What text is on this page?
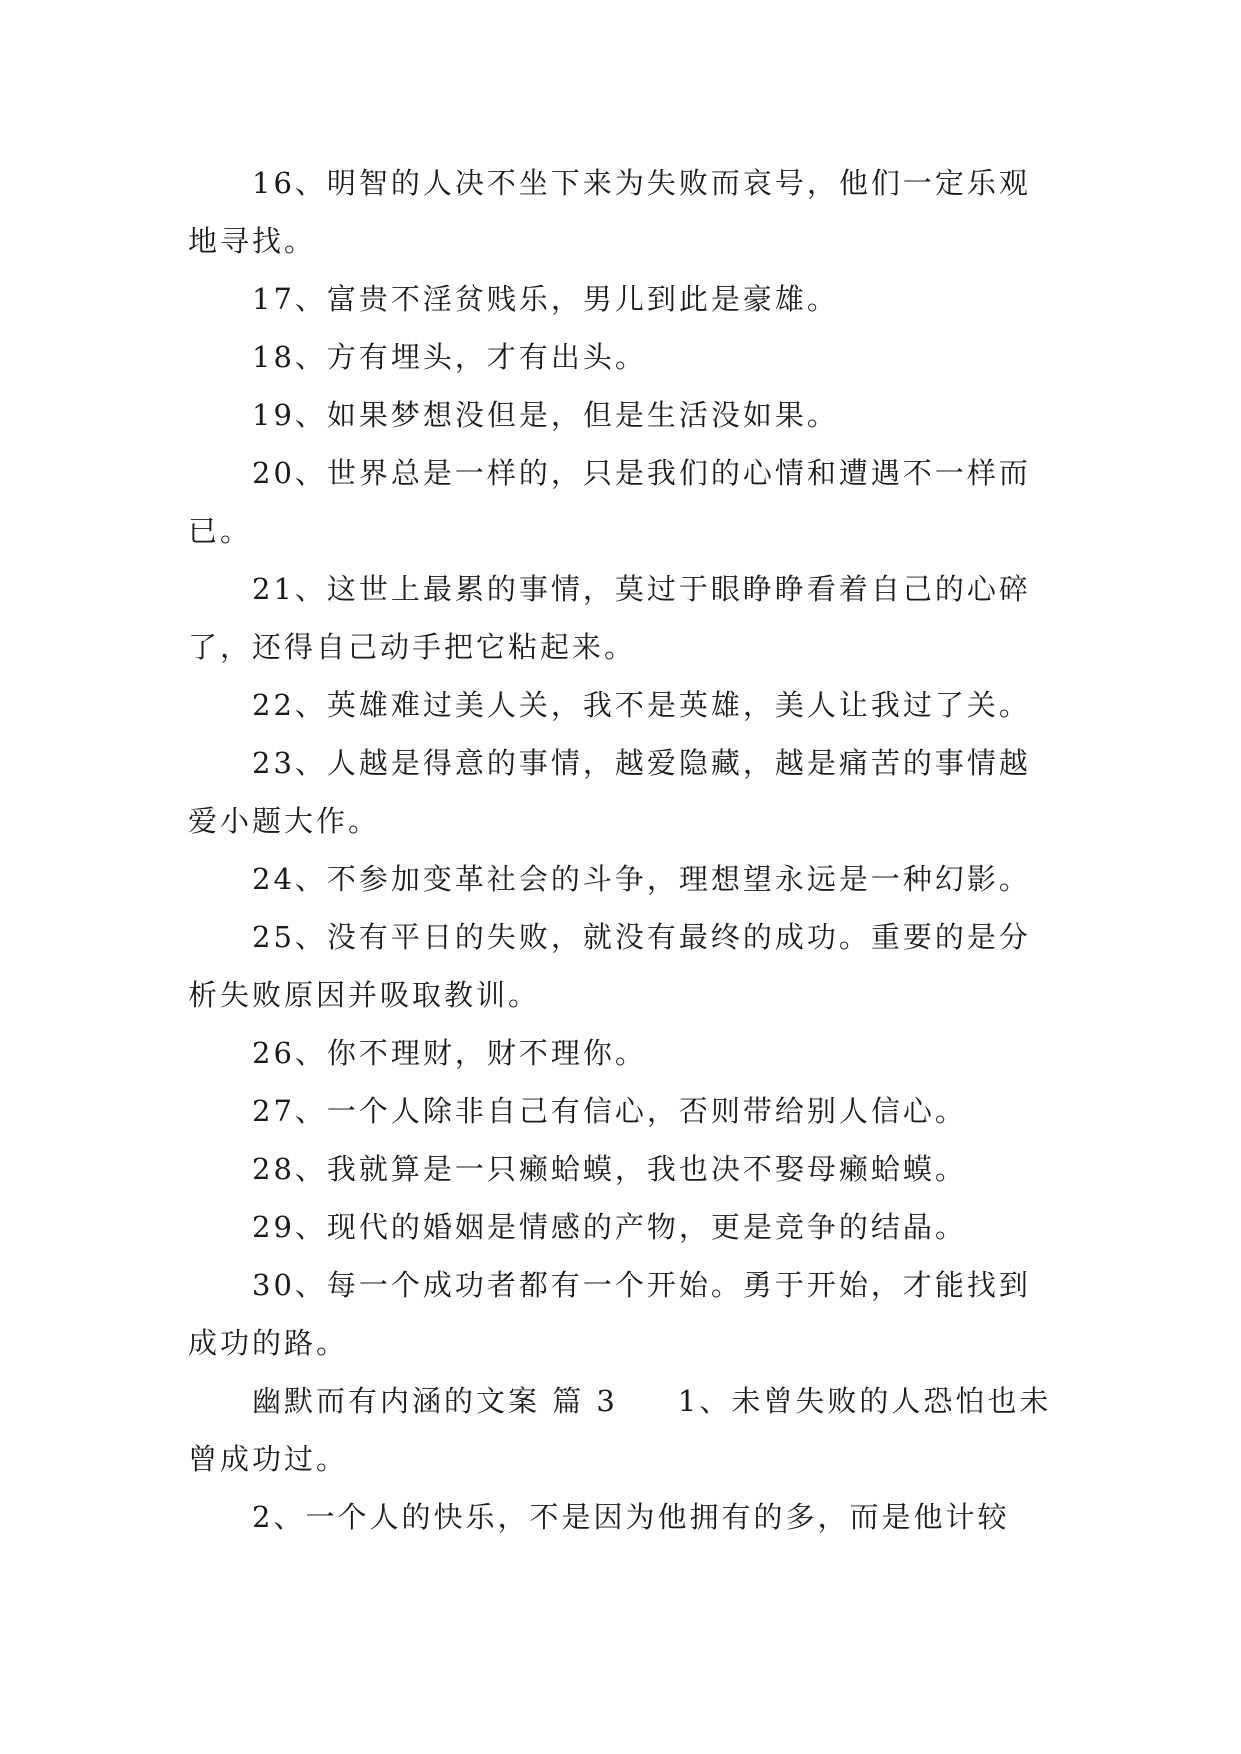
16、明智的人决不坐下来为失败而哀号，他们一定乐观地寻找。

17、富贵不淫贫贱乐，男儿到此是豪雄。

18、方有埋头，才有出头。

19、如果梦想没但是，但是生活没如果。

20、世界总是一样的，只是我们的心情和遭遇不一样而已。

21、这世上最累的事情，莫过于眼睁睁看着自己的心碎了，还得自己动手把它粘起来。

22、英雄难过美人关，我不是英雄，美人让我过了关。

23、人越是得意的事情，越爱隐藏，越是痛苦的事情越爱小题大作。

24、不参加变革社会的斗争，理想望永远是一种幻影。

25、没有平日的失败，就没有最终的成功。重要的是分析失败原因并吸取教训。

26、你不理财，财不理你。

27、一个人除非自己有信心，否则带给别人信心。

28、我就算是一只癞蛤蟆，我也决不娶母癞蛤蟆。

29、现代的婚姻是情感的产物，更是竞争的结晶。

30、每一个成功者都有一个开始。勇于开始，才能找到成功的路。

幽默而有内涵的文案 篇 3 1、未曾失败的人恐怕也未曾成功过。

2、一个人的快乐，不是因为他拥有的多，而是他计较
